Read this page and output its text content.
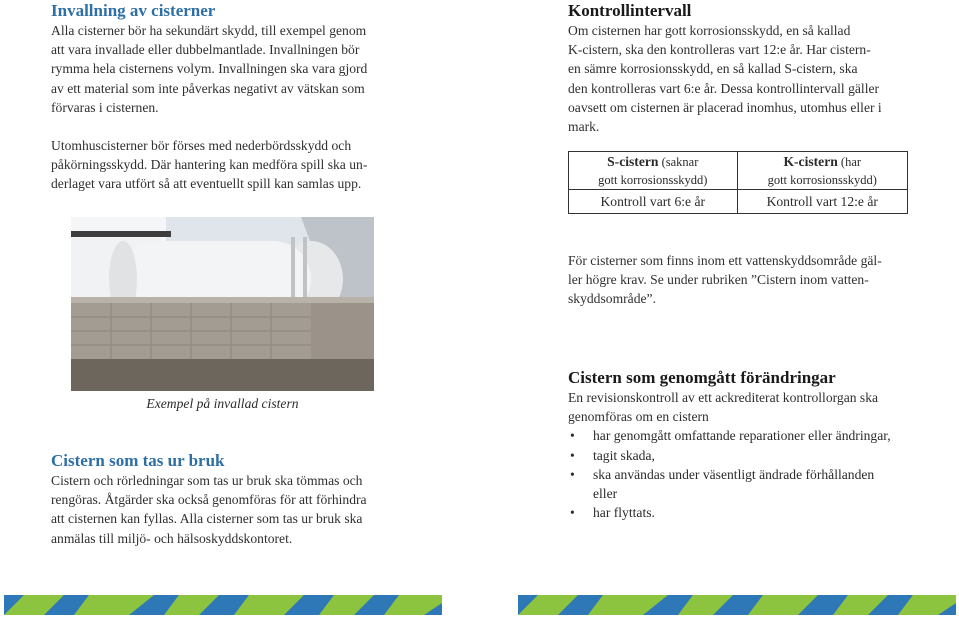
Invallning av cisterner

Alla cisterner bör ha sekundärt skydd, till exempel genom

att vara invallade eller dubbelmantlade. Invallningen bör

rymma hela cisternens volym. Invallningen ska vara gjord

av ett material som inte påverkas negativt av vätskan som

förvaras i cisternen.

Utomhuscisterner bör förses med nederbördsskydd och

påkörningsskydd. Där hantering kan medföra spill ska un-

derlaget vara utfört så att eventuellt spill kan samlas upp.

Exempel på invallad cistern
Cistern som tas ur bruk

Cistern och rörledningar som tas ur bruk ska tömmas och

rengöras. Åtgärder ska också genomföras för att förhindra

att cisternen kan fyllas. Alla cisterner som tas ur bruk ska

anmälas till miljö- och hälsoskyddskontoret.

Kontrollintervall

Om cisternen har gott korrosionsskydd, en så kallad

K-cistern, ska den kontrolleras vart 12:e år. Har cistern-

en sämre korrosionsskydd, en så kallad S-cistern, ska

den kontrolleras vart 6:e år. Dessa kontrollintervall gäller

oavsett om cisternen är placerad inomhus, utomhus eller i

mark.

S-cistern (saknar
gott korrosionsskydd)	K-cistern (har
gott korrosionsskydd)
Kontroll vart 6:e år	Kontroll vart 12:e år

För cisterner som finns inom ett vattenskyddsområde gäl-

ler högre krav. Se under rubriken ”Cistern inom vatten-

skyddsområde”.

Cistern som genomgått förändringar

En revisionskontroll av ett ackrediterat kontrollorgan ska

genomföras om en cistern

• har genomgått omfattande reparationer eller ändringar,
• tagit skada,
• ska användas under väsentligt ändrade förhållanden
eller
• har flyttats.
